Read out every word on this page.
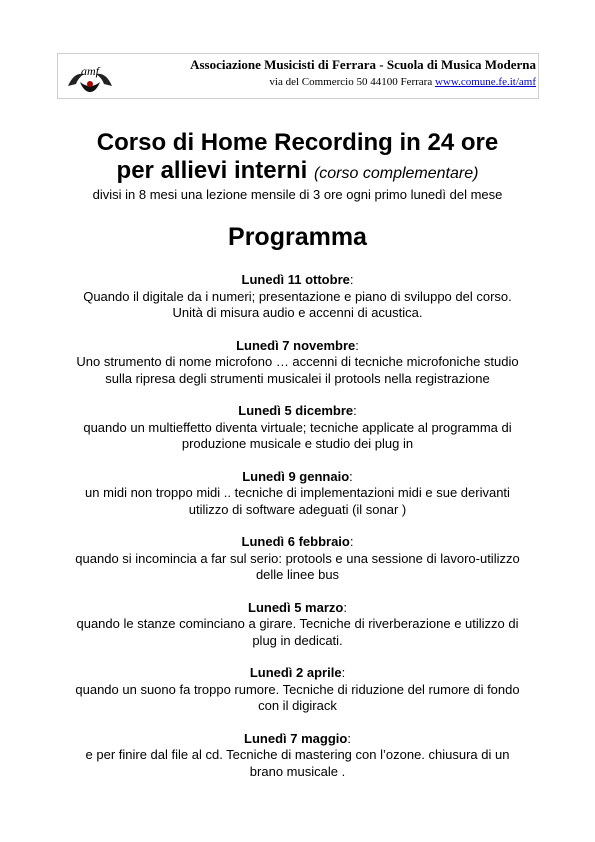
amf	Associazione Musicisti di Ferrara - Scuola di Musica Moderna
via del Commercio 50 44100 Ferrara www.comune.fe.it/amf
Corso di Home Recording in 24 ore
per allievi interni (corso complementare)
divisi in 8 mesi una lezione mensile di 3 ore ogni primo lunedì del mese
Programma
Lunedì 11 ottobre:
Quando il digitale da i numeri; presentazione e piano di sviluppo del corso.
Unità di misura audio e accenni di acustica.
Lunedì 7 novembre:
Uno strumento di nome microfono … accenni di tecniche microfoniche studio
sulla ripresa degli strumenti musicalei il protools nella registrazione
Lunedì 5 dicembre:
quando un multieffetto diventa virtuale; tecniche applicate al programma di
produzione musicale e studio dei plug in
Lunedì 9 gennaio:
un midi non troppo midi .. tecniche di implementazioni midi e sue derivanti
utilizzo di software adeguati (il sonar )
Lunedì 6 febbraio:
quando si incomincia a far sul serio: protools e una sessione di lavoro-utilizzo
delle linee bus
Lunedì 5 marzo:
quando le stanze cominciano a girare. Tecniche di riverberazione e utilizzo di
plug in dedicati.
Lunedì 2 aprile:
quando un suono fa troppo rumore. Tecniche di riduzione del rumore di fondo
con il digirack
Lunedì 7 maggio:
e per finire dal file al cd. Tecniche di mastering con l’ozone. chiusura di un
brano musicale .
